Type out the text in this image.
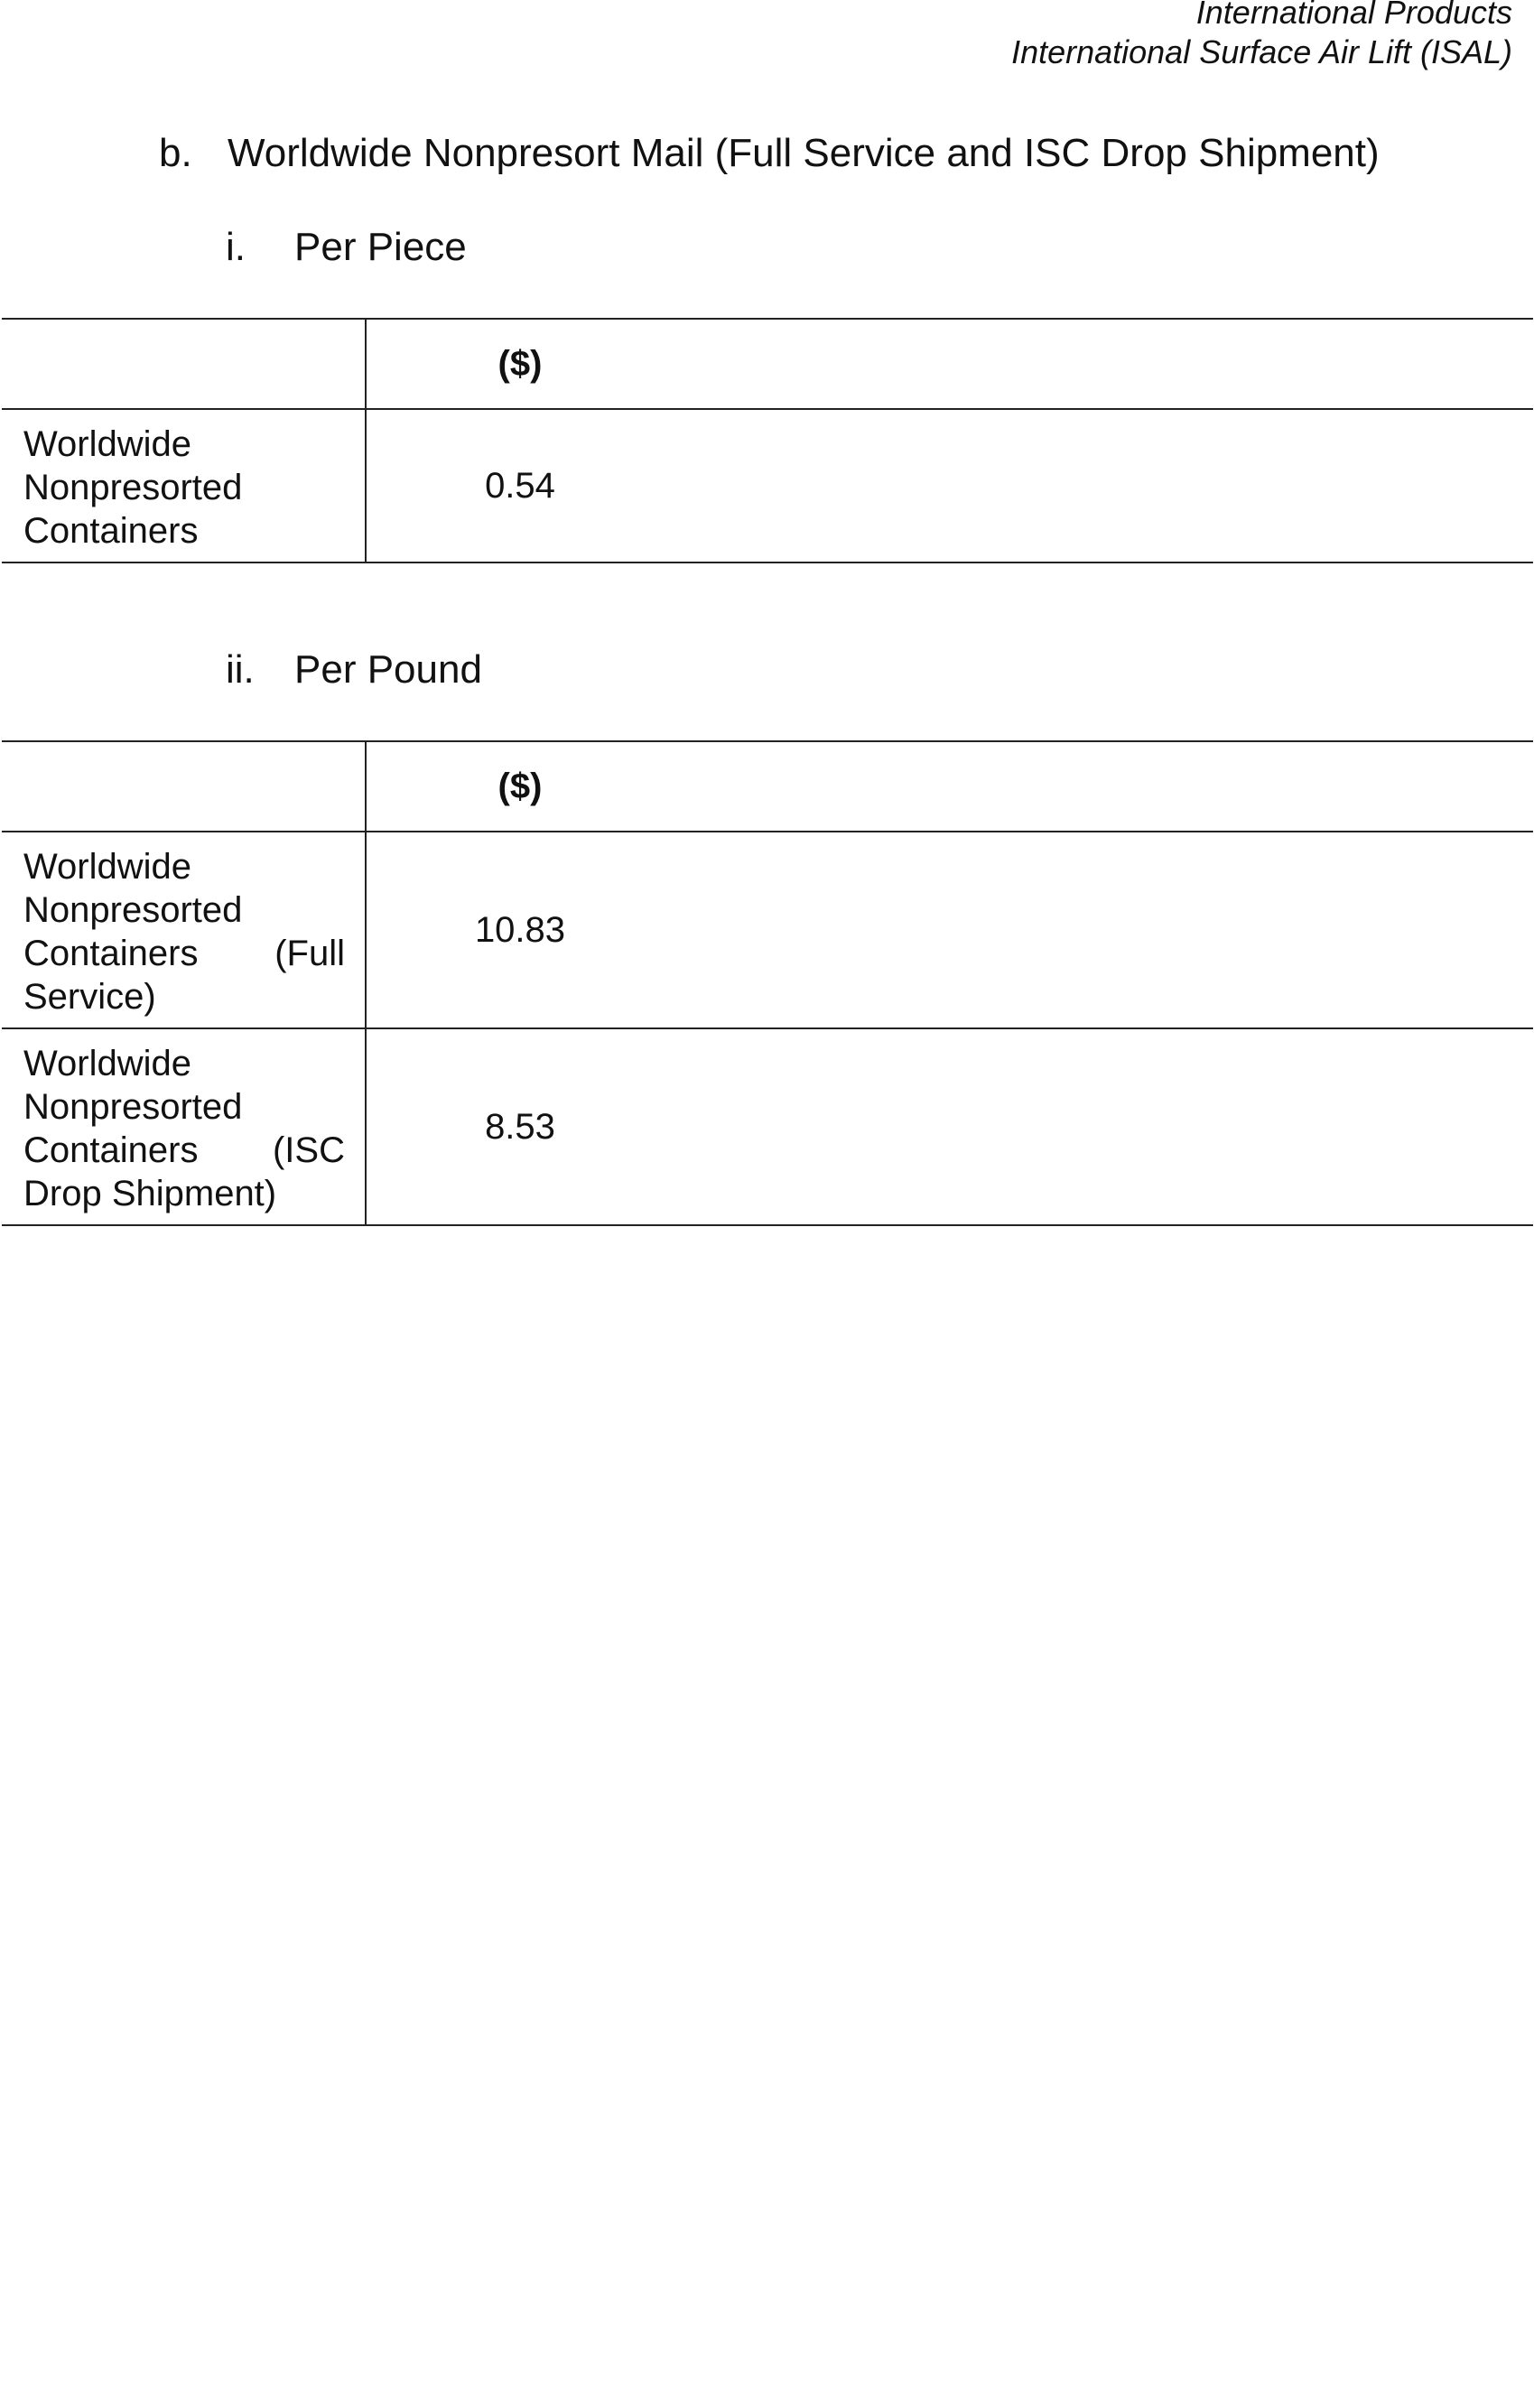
International Products
International Surface Air Lift (ISAL)
b. Worldwide Nonpresort Mail (Full Service and ISC Drop Shipment)
i. Per Piece
	($)	
Worldwide Nonpresorted Containers	0.54	
ii. Per Pound
	($)	
Worldwide Nonpresorted Containers (Full Service)	10.83	
Worldwide Nonpresorted Containers (ISC Drop Shipment)	8.53	
